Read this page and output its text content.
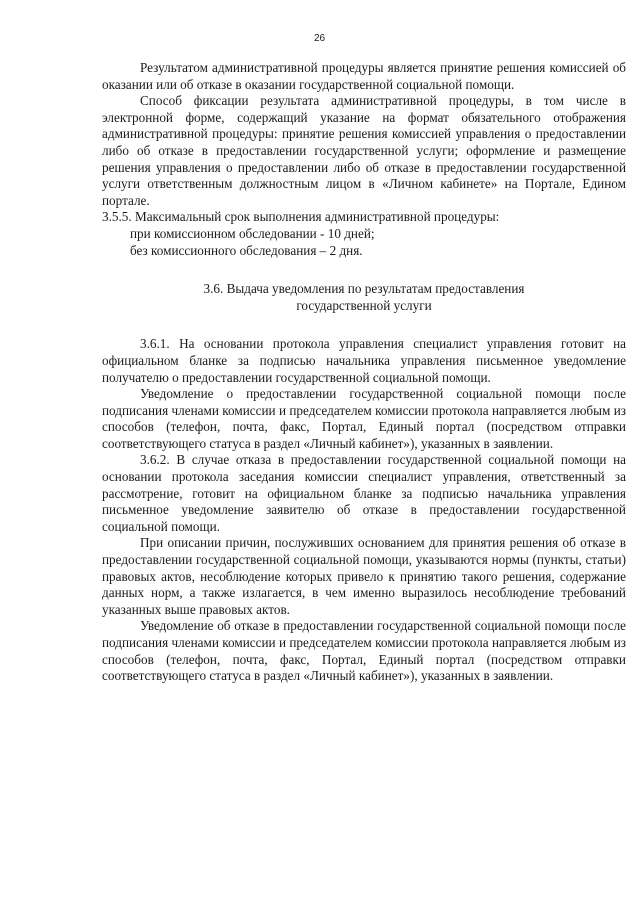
26

Результатом административной процедуры является принятие решения комиссией об оказании или об отказе в оказании государственной социальной помощи.

Способ фиксации результата административной процедуры, в том числе в электронной форме, содержащий указание на формат обязательного отображения административной процедуры: принятие решения комиссией управления о предоставлении либо об отказе в предоставлении государственной услуги; оформление и размещение решения управления о предоставлении либо об отказе в предоставлении государственной услуги ответственным должностным лицом в «Личном кабинете» на Портале, Едином портале.

3.5.5. Максимальный срок выполнения административной процедуры:

при комиссионном обследовании - 10 дней;

без комиссионного обследования – 2 дня.

3.6. Выдача уведомления по результатам предоставления государственной услуги

3.6.1. На основании протокола управления специалист управления готовит на официальном бланке за подписью начальника управления письменное уведомление получателю о предоставлении государственной социальной помощи.

Уведомление о предоставлении государственной социальной помощи после подписания членами комиссии и председателем комиссии протокола направляется любым из способов (телефон, почта, факс, Портал, Единый портал (посредством отправки соответствующего статуса в раздел «Личный кабинет»), указанных в заявлении.

3.6.2. В случае отказа в предоставлении государственной социальной помощи на основании протокола заседания комиссии специалист управления, ответственный за рассмотрение, готовит на официальном бланке за подписью начальника управления письменное уведомление заявителю об отказе в предоставлении государственной социальной помощи.

При описании причин, послуживших основанием для принятия решения об отказе в предоставлении государственной социальной помощи, указываются нормы (пункты, статьи) правовых актов, несоблюдение которых привело к принятию такого решения, содержание данных норм, а также излагается, в чем именно выразилось несоблюдение требований указанных выше правовых актов.

Уведомление об отказе в предоставлении государственной социальной помощи после подписания членами комиссии и председателем комиссии протокола направляется любым из способов (телефон, почта, факс, Портал, Единый портал (посредством отправки соответствующего статуса в раздел «Личный кабинет»), указанных в заявлении.
